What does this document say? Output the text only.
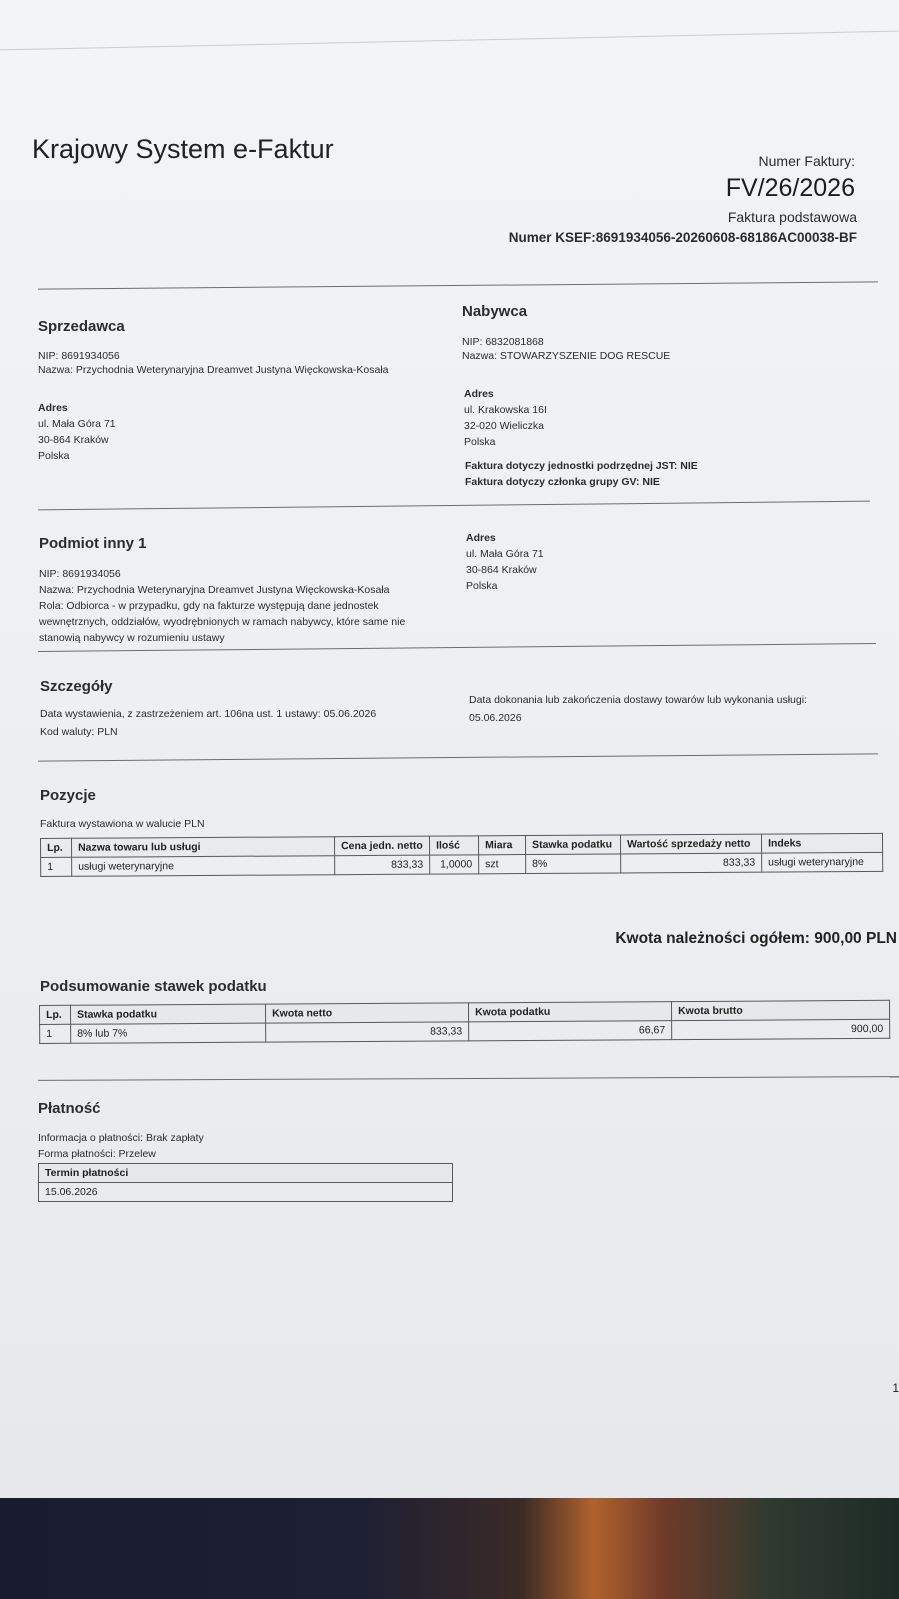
Krajowy System e-Faktur	Numer Faktury:
FV/26/2026
Faktura podstawowa
Numer KSEF:8691934056-20260608-68186AC00038-BF
Sprzedawca
NIP: 8691934056
Nazwa: Przychodnia Weterynaryjna Dreamvet Justyna Więckowska-Kosała
Adres
ul. Mała Góra 71
30-864 Kraków
Polska
Nabywca
NIP: 6832081868
Nazwa: STOWARZYSZENIE DOG RESCUE
Adres
ul. Krakowska 16I
32-020 Wieliczka
Polska
Faktura dotyczy jednostki podrzędnej JST: NIE
Faktura dotyczy członka grupy GV: NIE
Podmiot inny 1
NIP: 8691934056
Nazwa: Przychodnia Weterynaryjna Dreamvet Justyna Więckowska-Kosała
Rola: Odbiorca - w przypadku, gdy na fakturze występują dane jednostek
wewnętrznych, oddziałów, wyodrębnionych w ramach nabywcy, które same nie
stanowią nabywcy w rozumieniu ustawy
Adres
ul. Mała Góra 71
30-864 Kraków
Polska
Szczegóły
Data wystawienia, z zastrzeżeniem art. 106na ust. 1 ustawy: 05.06.2026
Kod waluty: PLN
Data dokonania lub zakończenia dostawy towarów lub wykonania usługi:
05.06.2026
Pozycje
Faktura wystawiona w walucie PLN
Lp.	Nazwa towaru lub usługi	Cena jedn. netto	Ilość	Miara	Stawka podatku	Wartość sprzedaży netto	Indeks
1	usługi weterynaryjne	833,33	1,0000	szt	8%	833,33	usługi weterynaryjne
Kwota należności ogółem: 900,00 PLN
Podsumowanie stawek podatku
Lp.	Stawka podatku	Kwota netto	Kwota podatku	Kwota brutto
1	8% lub 7%	833,33	66,67	900,00
Płatność
Informacja o płatności: Brak zapłaty
Forma płatności: Przelew
Termin płatności
15.06.2026
1
